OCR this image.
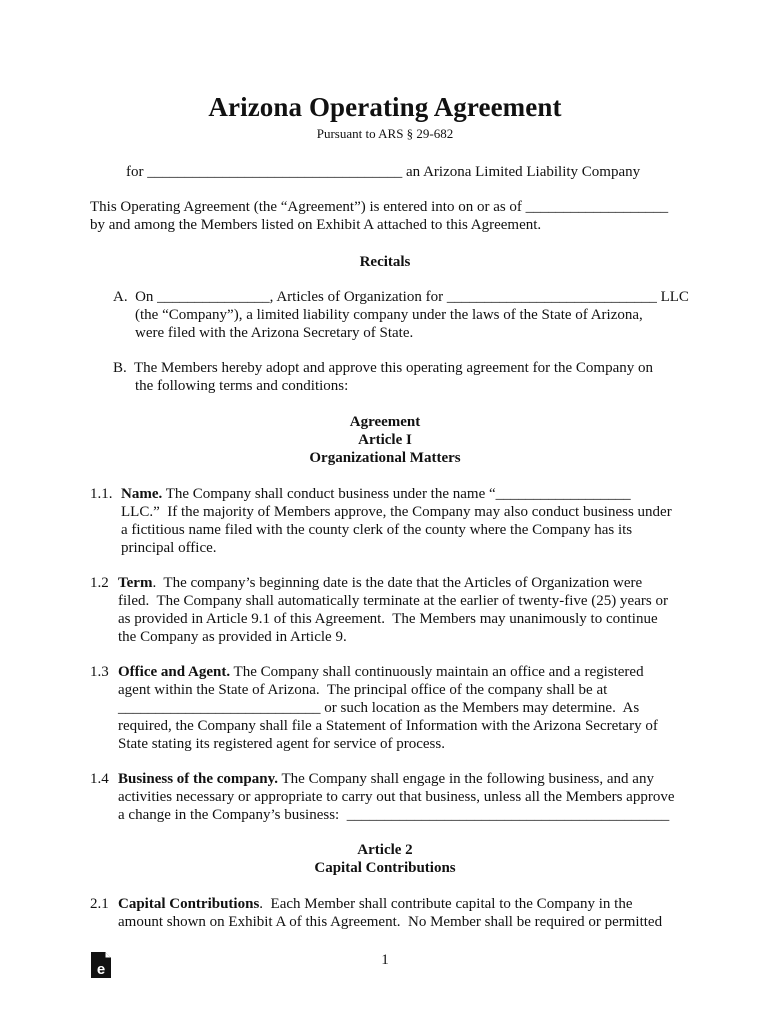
Arizona Operating Agreement
Pursuant to ARS § 29-682
for __________________________________ an Arizona Limited Liability Company
This Operating Agreement (the “Agreement”) is entered into on or as of ___________________
by and among the Members listed on Exhibit A attached to this Agreement.
Recitals
A.  On _______________, Articles of Organization for ____________________________ LLC
(the “Company”), a limited liability company under the laws of the State of Arizona,
were filed with the Arizona Secretary of State.
B.  The Members hereby adopt and approve this operating agreement for the Company on
the following terms and conditions:
Agreement
Article I
Organizational Matters
1.1. Name. The Company shall conduct business under the name “__________________
LLC.”  If the majority of Members approve, the Company may also conduct business under
a fictitious name filed with the county clerk of the county where the Company has its
principal office.
1.2 Term.  The company’s beginning date is the date that the Articles of Organization were
filed.  The Company shall automatically terminate at the earlier of twenty-five (25) years or
as provided in Article 9.1 of this Agreement.  The Members may unanimously to continue
the Company as provided in Article 9.
1.3 Office and Agent. The Company shall continuously maintain an office and a registered
agent within the State of Arizona.  The principal office of the company shall be at
___________________________ or such location as the Members may determine.  As
required, the Company shall file a Statement of Information with the Arizona Secretary of
State stating its registered agent for service of process.
1.4 Business of the company. The Company shall engage in the following business, and any
activities necessary or appropriate to carry out that business, unless all the Members approve
a change in the Company’s business:  ___________________________________________
Article 2
Capital Contributions
2.1 Capital Contributions.  Each Member shall contribute capital to the Company in the
amount shown on Exhibit A of this Agreement.  No Member shall be required or permitted
e
1
